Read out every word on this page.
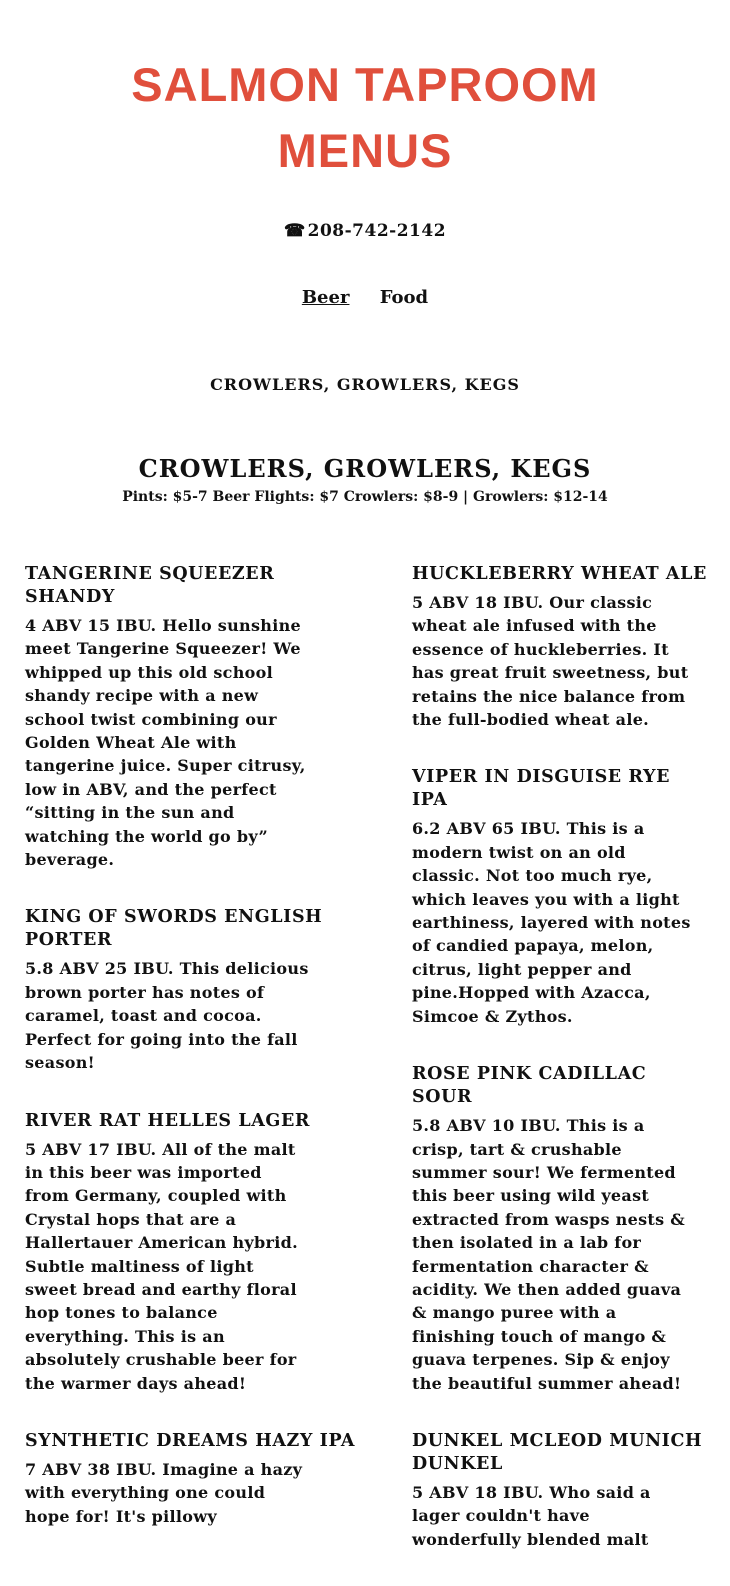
SALMON TAPROOM
MENUS
☎ 208-742-2142
Beer Food
CROWLERS, GROWLERS, KEGS
CROWLERS, GROWLERS, KEGS
Pints: $5-7 Beer Flights: $7 Crowlers: $8-9 | Growlers: $12-14
TANGERINE SQUEEZER SHANDY

4 ABV 15 IBU. Hello sunshine meet Tangerine Squeezer! We whipped up this old school shandy recipe with a new school twist combining our Golden Wheat Ale with tangerine juice. Super citrusy, low in ABV, and the perfect “sitting in the sun and watching the world go by” beverage.

KING OF SWORDS ENGLISH PORTER

5.8 ABV 25 IBU. This delicious brown porter has notes of caramel, toast and cocoa. Perfect for going into the fall season!

RIVER RAT HELLES LAGER

5 ABV 17 IBU. All of the malt in this beer was imported from Germany, coupled with Crystal hops that are a Hallertauer American hybrid. Subtle maltiness of light sweet bread and earthy floral hop tones to balance everything. This is an absolutely crushable beer for the warmer days ahead!

SYNTHETIC DREAMS HAZY IPA

7 ABV 38 IBU. Imagine a hazy with everything one could hope for! It's pillowy

HUCKLEBERRY WHEAT ALE

5 ABV 18 IBU. Our classic wheat ale infused with the essence of huckleberries. It has great fruit sweetness, but retains the nice balance from the full-bodied wheat ale.

VIPER IN DISGUISE RYE IPA

6.2 ABV 65 IBU. This is a modern twist on an old classic. Not too much rye, which leaves you with a light earthiness, layered with notes of candied papaya, melon, citrus, light pepper and pine.Hopped with Azacca, Simcoe & Zythos.

ROSE PINK CADILLAC SOUR

5.8 ABV 10 IBU. This is a crisp, tart & crushable summer sour! We fermented this beer using wild yeast extracted from wasps nests & then isolated in a lab for fermentation character & acidity. We then added guava & mango puree with a finishing touch of mango & guava terpenes. Sip & enjoy the beautiful summer ahead!

DUNKEL MCLEOD MUNICH DUNKEL

5 ABV 18 IBU. Who said a lager couldn't have wonderfully blended malt
